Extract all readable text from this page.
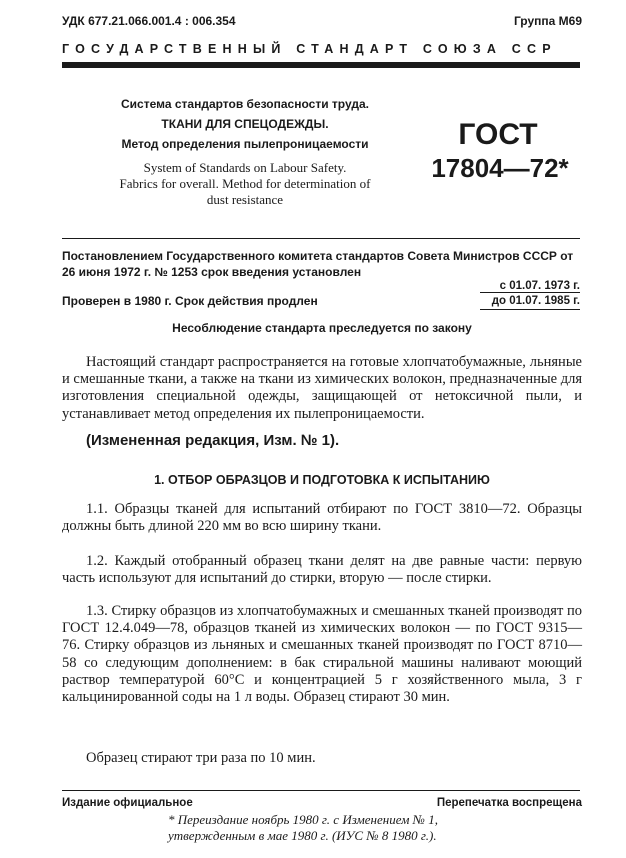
УДК 677.21.066.001.4 : 006.354	Группа М69
ГОСУДАРСТВЕННЫЙ СТАНДАРТ СОЮЗА ССР
Система стандартов безопасности труда.
ТКАНИ ДЛЯ СПЕЦОДЕЖДЫ.
Метод определения пылепроницаемости
System of Standards on Labour Safety.
Fabrics for overall. Method for determination of
dust resistance
ГОСТ
17804—72*
Постановлением Государственного комитета стандартов Совета Министров СССР от 26 июня 1972 г. № 1253 срок введения установлен
с 01.07. 1973 г.
Проверен в 1980 г. Срок действия продлен	до 01.07. 1985 г.
Несоблюдение стандарта преследуется по закону
Настоящий стандарт распространяется на готовые хлопчатобумажные, льняные и смешанные ткани, а также на ткани из химических волокон, предназначенные для изготовления специальной одежды, защищающей от нетоксичной пыли, и устанавливает метод определения их пылепроницаемости.
(Измененная редакция, Изм. № 1).
1. ОТБОР ОБРАЗЦОВ И ПОДГОТОВКА К ИСПЫТАНИЮ
1.1. Образцы тканей для испытаний отбирают по ГОСТ 3810—72. Образцы должны быть длиной 220 мм во всю ширину ткани.
1.2. Каждый отобранный образец ткани делят на две равные части: первую часть используют для испытаний до стирки, вторую — после стирки.
1.3. Стирку образцов из хлопчатобумажных и смешанных тканей производят по ГОСТ 12.4.049—78, образцов тканей из химических волокон — по ГОСТ 9315—76. Стирку образцов из льняных и смешанных тканей производят по ГОСТ 8710—58 со следующим дополнением: в бак стиральной машины наливают моющий раствор температурой 60°С и концентрацией 5 г хозяйственного мыла, 3 г кальцинированной соды на 1 л воды. Образец стирают 30 мин.
Образец стирают три раза по 10 мин.
Издание официальное	Перепечатка воспрещена
* Переиздание ноябрь 1980 г. с Изменением № 1, утвержденным в мае 1980 г. (ИУС № 8 1980 г.).
